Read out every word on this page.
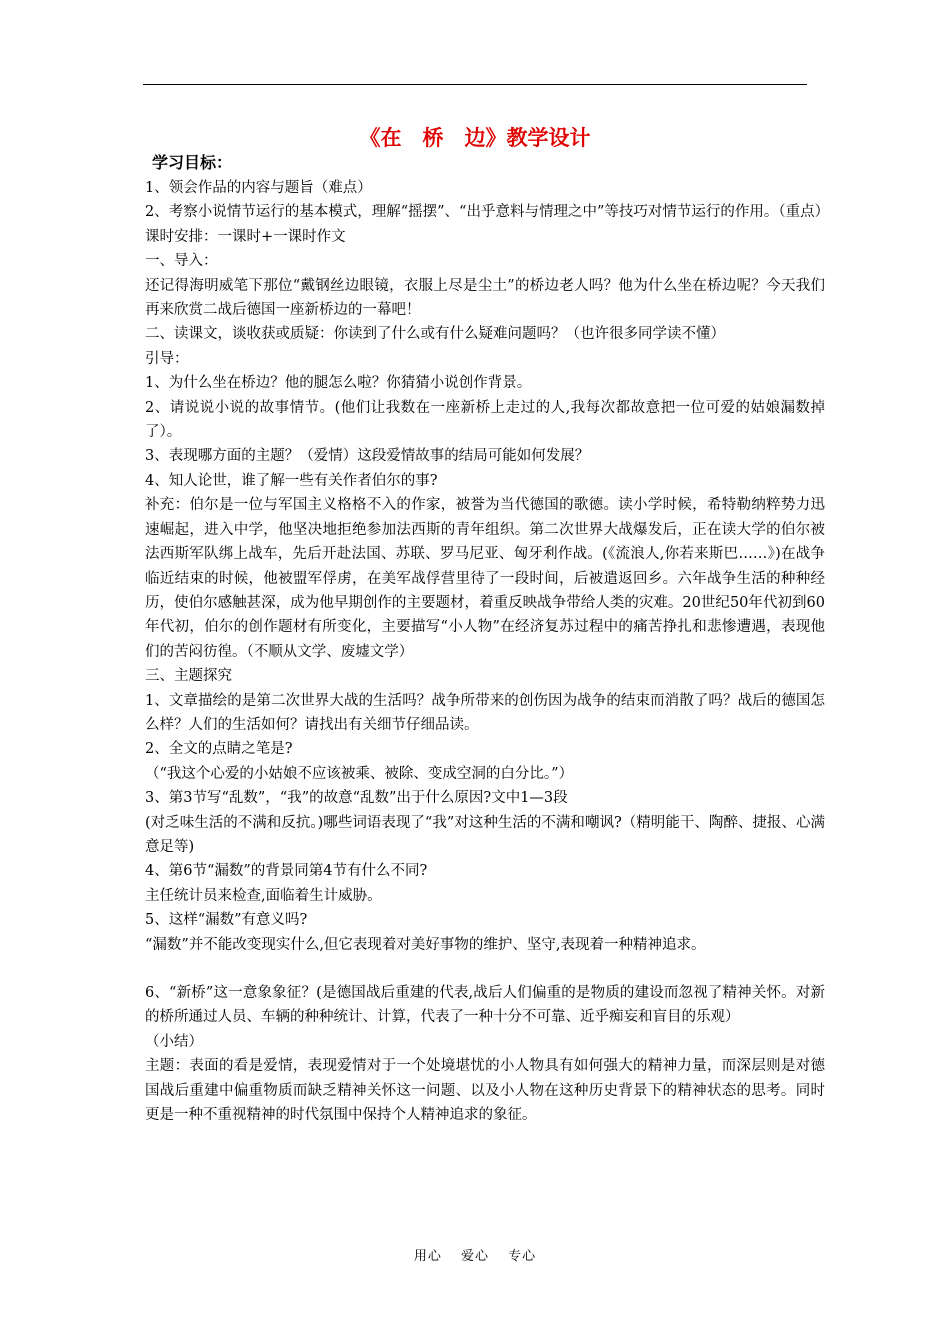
《在　桥　边》教学设计
学习目标：

1、领会作品的内容与题旨（难点）

2、考察小说情节运行的基本模式，理解“摇摆”、“出乎意料与情理之中”等技巧对情节运行的作用。（重点）

课时安排：一课时+一课时作文

一、导入：

还记得海明威笔下那位“戴钢丝边眼镜，衣服上尽是尘土”的桥边老人吗？他为什么坐在桥边呢？今天我们再来欣赏二战后德国一座新桥边的一幕吧！

二、读课文，谈收获或质疑：你读到了什么或有什么疑难问题吗？（也许很多同学读不懂）

引导：

1、为什么坐在桥边？他的腿怎么啦？你猜猜小说创作背景。

2、请说说小说的故事情节。(他们让我数在一座新桥上走过的人,我每次都故意把一位可爱的姑娘漏数掉了）。

3、表现哪方面的主题？（爱情）这段爱情故事的结局可能如何发展？

4、知人论世，谁了解一些有关作者伯尔的事?

补充：伯尔是一位与军国主义格格不入的作家，被誉为当代德国的歌德。读小学时候，希特勒纳粹势力迅速崛起，进入中学，他坚决地拒绝参加法西斯的青年组织。第二次世界大战爆发后，正在读大学的伯尔被法西斯军队绑上战车，先后开赴法国、苏联、罗马尼亚、匈牙利作战。(《流浪人,你若来斯巴……》)在战争临近结束的时候，他被盟军俘虏，在美军战俘营里待了一段时间，后被遣返回乡。六年战争生活的种种经历，使伯尔感触甚深，成为他早期创作的主要题材，着重反映战争带给人类的灾难。20世纪50年代初到60年代初，伯尔的创作题材有所变化，主要描写“小人物”在经济复苏过程中的痛苦挣扎和悲惨遭遇，表现他们的苦闷彷徨。（不顺从文学、废墟文学）

三、主题探究

1、文章描绘的是第二次世界大战的生活吗？战争所带来的创伤因为战争的结束而消散了吗？战后的德国怎么样？人们的生活如何？请找出有关细节仔细品读。

2、全文的点睛之笔是?

（“我这个心爱的小姑娘不应该被乘、被除、变成空洞的白分比。”）

3、第3节写“乱数”，“我”的故意“乱数”出于什么原因?文中1—3段

(对乏味生活的不满和反抗。)哪些词语表现了“我”对这种生活的不满和嘲讽?（精明能干、陶醉、捷报、心满意足等)

4、第6节“漏数”的背景同第4节有什么不同?

主任统计员来检查,面临着生计威胁。

5、这样“漏数”有意义吗?

“漏数”并不能改变现实什么,但它表现着对美好事物的维护、坚守,表现着一种精神追求。

6、“新桥”这一意象象征？(是德国战后重建的代表,战后人们偏重的是物质的建设而忽视了精神关怀。对新的桥所通过人员、车辆的种种统计、计算，代表了一种十分不可靠、近乎痴妄和盲目的乐观）

（小结）

主题：表面的看是爱情，表现爱情对于一个处境堪忧的小人物具有如何强大的精神力量，而深层则是对德国战后重建中偏重物质而缺乏精神关怀这一问题、以及小人物在这种历史背景下的精神状态的思考。同时更是一种不重视精神的时代氛围中保持个人精神追求的象征。

用心 爱心 专心
